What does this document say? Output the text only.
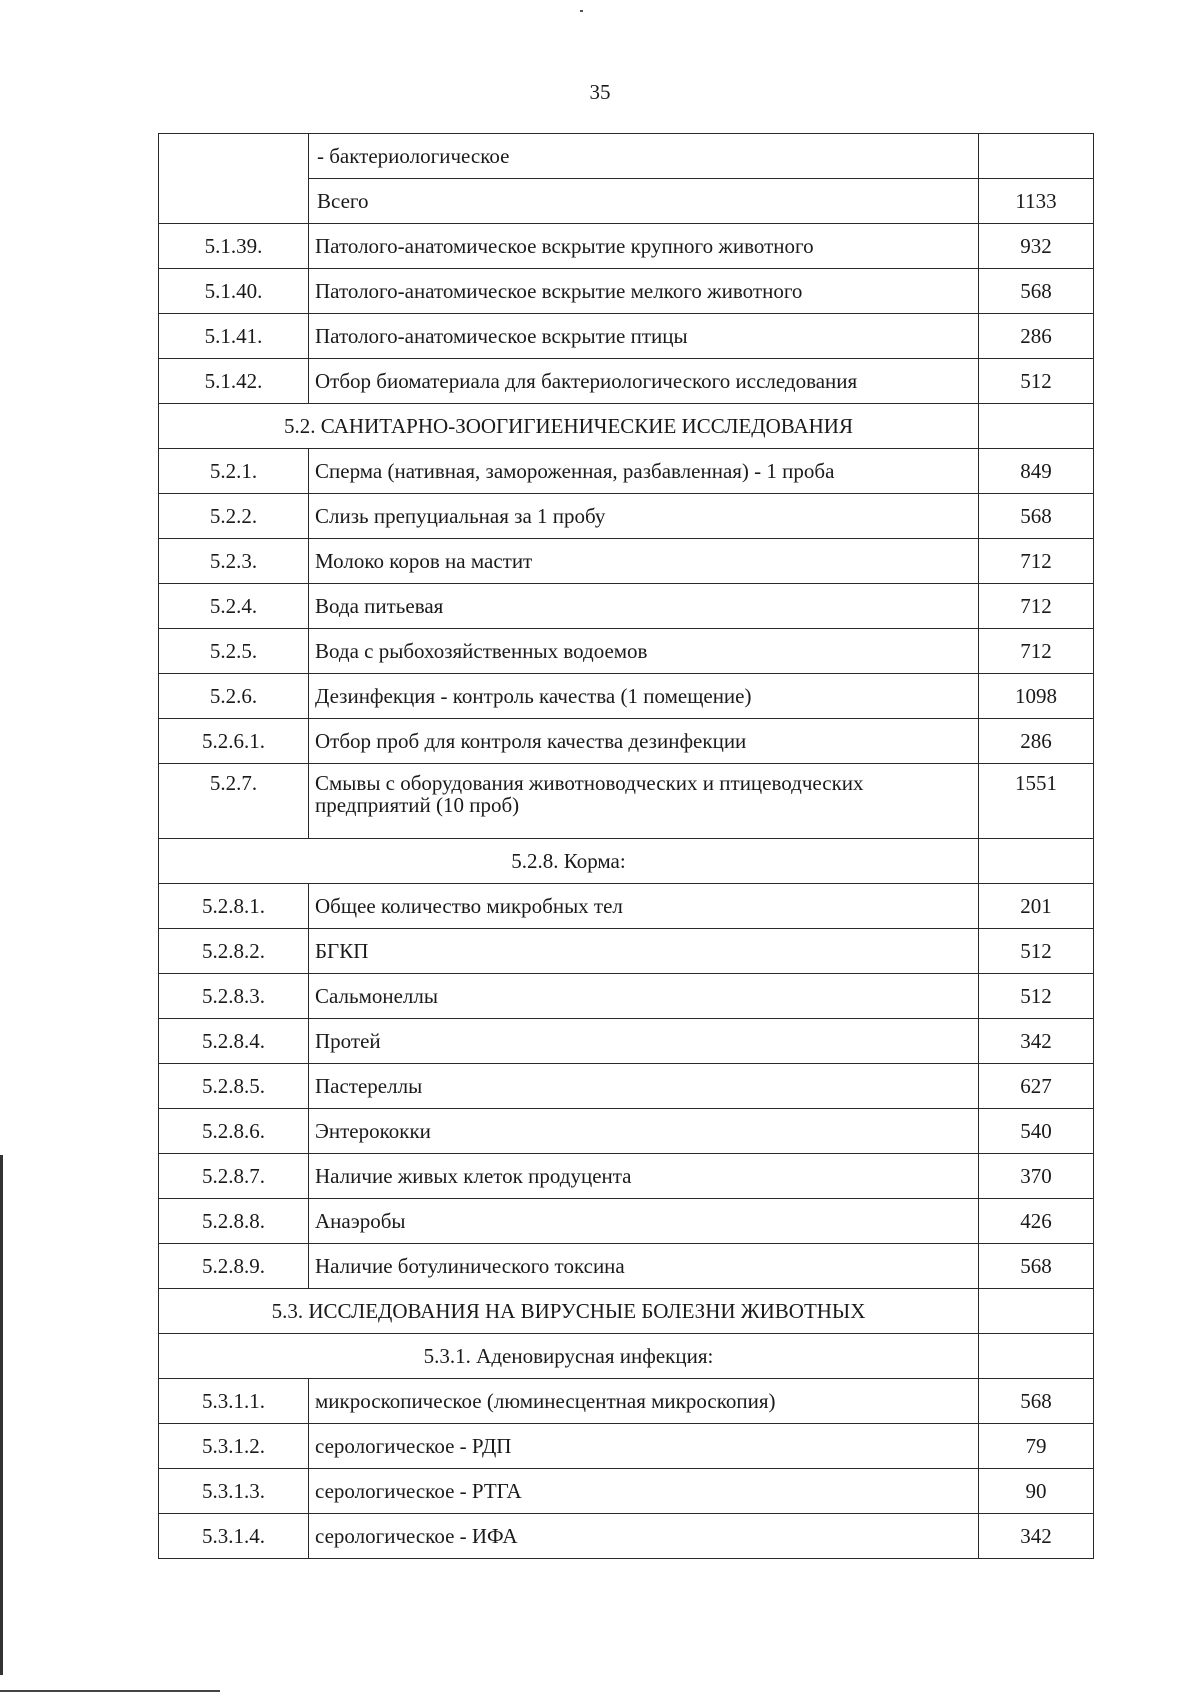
35
	- бактериологическое	
	Всего	1133
5.1.39.	Патолого-анатомическое вскрытие крупного животного	932
5.1.40.	Патолого-анатомическое вскрытие мелкого животного	568
5.1.41.	Патолого-анатомическое вскрытие птицы	286
5.1.42.	Отбор биоматериала для бактериологического исследования	512
5.2. САНИТАРНО-ЗООГИГИЕНИЧЕСКИЕ ИССЛЕДОВАНИЯ		
5.2.1.	Сперма (нативная, замороженная, разбавленная) - 1 проба	849
5.2.2.	Слизь препуциальная за 1 пробу	568
5.2.3.	Молоко коров на мастит	712
5.2.4.	Вода питьевая	712
5.2.5.	Вода с рыбохозяйственных водоемов	712
5.2.6.	Дезинфекция - контроль качества (1 помещение)	1098
5.2.6.1.	Отбор проб для контроля качества дезинфекции	286
5.2.7.	Смывы с оборудования животноводческих и птицеводческих предприятий (10 проб)	1551
5.2.8. Корма:		
5.2.8.1.	Общее количество микробных тел	201
5.2.8.2.	БГКП	512
5.2.8.3.	Сальмонеллы	512
5.2.8.4.	Протей	342
5.2.8.5.	Пастереллы	627
5.2.8.6.	Энтерококки	540
5.2.8.7.	Наличие живых клеток продуцента	370
5.2.8.8.	Анаэробы	426
5.2.8.9.	Наличие ботулинического токсина	568
5.3. ИССЛЕДОВАНИЯ НА ВИРУСНЫЕ БОЛЕЗНИ ЖИВОТНЫХ		
5.3.1. Аденовирусная инфекция:		
5.3.1.1.	микроскопическое (люминесцентная микроскопия)	568
5.3.1.2.	серологическое - РДП	79
5.3.1.3.	серологическое - РТГА	90
5.3.1.4.	серологическое - ИФА	342
